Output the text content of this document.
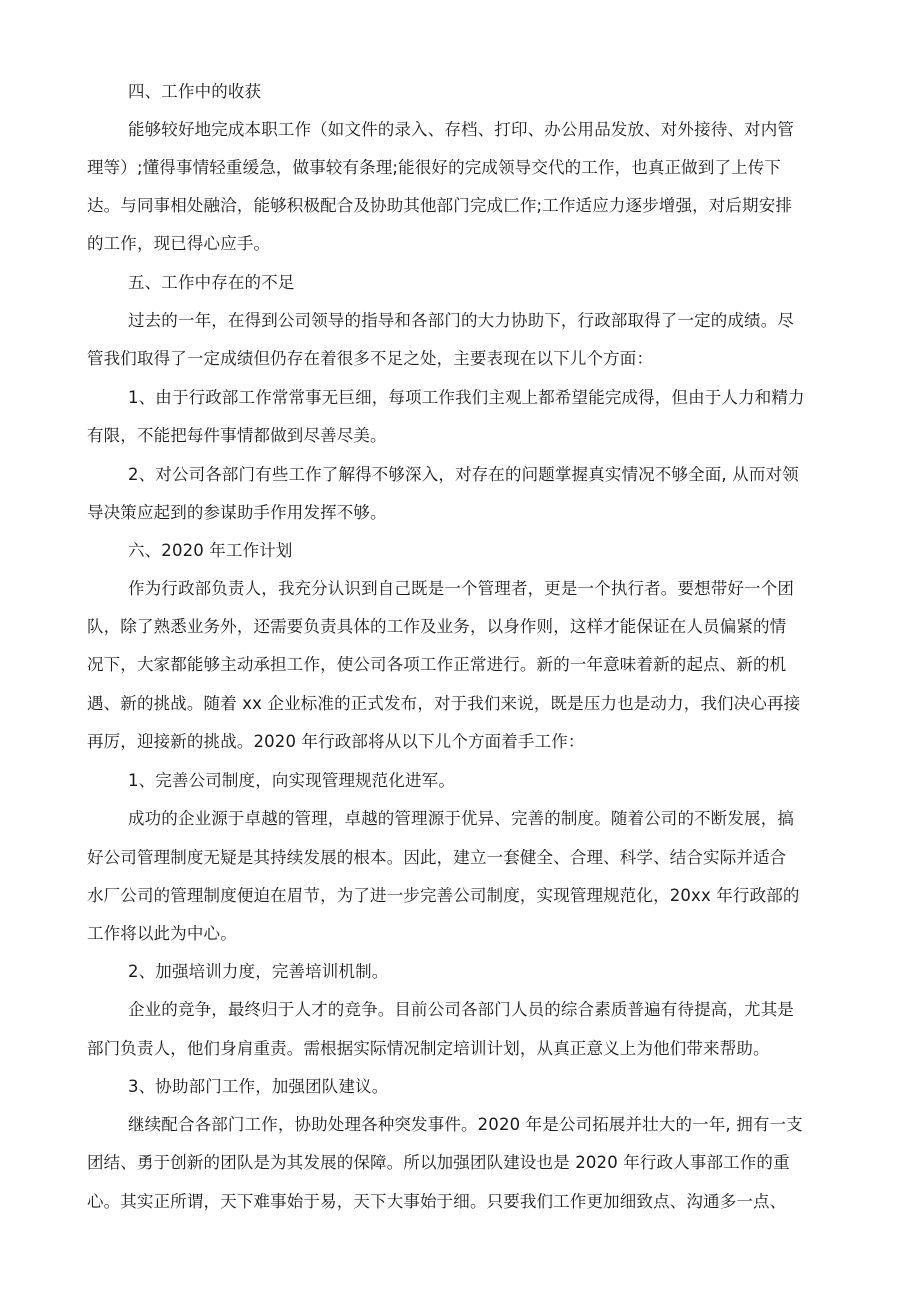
四、工作中的收获
能够较好地完成本职工作（如文件的录入、存档、打印、办公用品发放、对外接待、对内管
理等）;懂得事情轻重缓急，做事较有条理;能很好的完成领导交代的工作，也真正做到了上传下
达。与同事相处融洽，能够积极配合及协助其他部门完成匚作;工作适应力逐步增强，对后期安排
的工作，现已得心应手。
五、工作中存在的不足
过去的一年，在得到公司领导的指导和各部门的大力协助下，行政部取得了一定的成绩。尽
管我们取得了一定成绩但仍存在着很多不足之处，主要表现在以下儿个方面：
1、由于行政部工作常常事无巨细，每项工作我们主观上都希望能完成得，但由于人力和精力
有限，不能把每件事情都做到尽善尽美。
2、对公司各部门有些工作了解得不够深入，对存在的问题掌握真实情况不够全面, 从而对领
导决策应起到的参谋助手作用发挥不够。
六、2020 年工作计划
作为行政部负责人，我充分认识到自己既是一个管理者，更是一个执行者。要想带好一个团
队，除了熟悉业务外，还需要负责具体的工作及业务，以身作则，这样才能保证在人员偏紧的情
况下，大家都能够主动承担工作，使公司各项工作正常进行。新的一年意味着新的起点、新的机
遇、新的挑战。随着 xx 企业标准的正式发布，对于我们来说，既是压力也是动力，我们决心再接
再厉，迎接新的挑战。2020 年行政部将从以下儿个方面着手工作：
1、完善公司制度，向实现管理规范化进军。
成功的企业源于卓越的管理，卓越的管理源于优异、完善的制度。随着公司的不断发展，搞
好公司管理制度无疑是其持续发展的根本。因此，建立一套健全、合理、科学、结合实际并适合
水厂公司的管理制度便迫在眉节，为了进一步完善公司制度，实现管理规范化，20xx 年行政部的
工作将以此为中心。
2、加强培训力度，完善培训机制。
企业的竞争，最终归于人才的竞争。目前公司各部门人员的综合素质普遍有待提高，尤其是
部门负责人，他们身肩重责。需根据实际情况制定培训计划，从真正意义上为他们带来帮助。
3、协助部门工作，加强团队建议。
继续配合各部门工作，协助处理各种突发事件。2020 年是公司拓展并壮大的一年, 拥有一支
团结、勇于创新的团队是为其发展的保障。所以加强团队建设也是 2020 年行政人事部工作的重
心。其实正所谓，天下难事始于易，天下大事始于细。只要我们工作更加细致点、沟通多一点、
